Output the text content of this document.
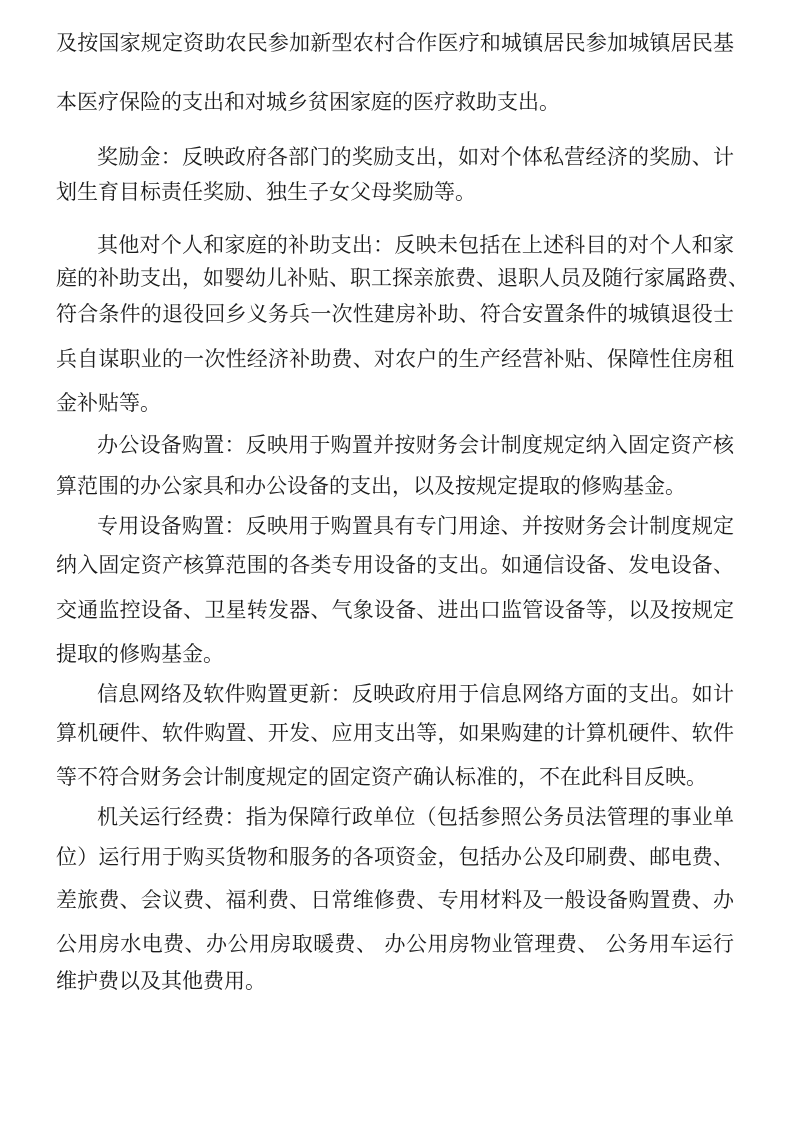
及按国家规定资助农民参加新型农村合作医疗和城镇居民参加城镇居民基

本医疗保险的支出和对城乡贫困家庭的医疗救助支出。

奖励金：反映政府各部门的奖励支出，如对个体私营经济的奖励、计

划生育目标责任奖励、独生子女父母奖励等。

其他对个人和家庭的补助支出：反映未包括在上述科目的对个人和家

庭的补助支出，如婴幼儿补贴、职工探亲旅费、退职人员及随行家属路费、

符合条件的退役回乡义务兵一次性建房补助、符合安置条件的城镇退役士

兵自谋职业的一次性经济补助费、对农户的生产经营补贴、保障性住房租

金补贴等。

办公设备购置：反映用于购置并按财务会计制度规定纳入固定资产核

算范围的办公家具和办公设备的支出，以及按规定提取的修购基金。

专用设备购置：反映用于购置具有专门用途、并按财务会计制度规定

纳入固定资产核算范围的各类专用设备的支出。如通信设备、发电设备、

交通监控设备、卫星转发器、气象设备、进出口监管设备等，以及按规定

提取的修购基金。

信息网络及软件购置更新：反映政府用于信息网络方面的支出。如计

算机硬件、软件购置、开发、应用支出等，如果购建的计算机硬件、软件

等不符合财务会计制度规定的固定资产确认标准的，不在此科目反映。

机关运行经费：指为保障行政单位（包括参照公务员法管理的事业单

位）运行用于购买货物和服务的各项资金，包括办公及印刷费、邮电费、

差旅费、会议费、福利费、日常维修费、专用材料及一般设备购置费、办

公用房水电费、办公用房取暖费、 办公用房物业管理费、 公务用车运行

维护费以及其他费用。
